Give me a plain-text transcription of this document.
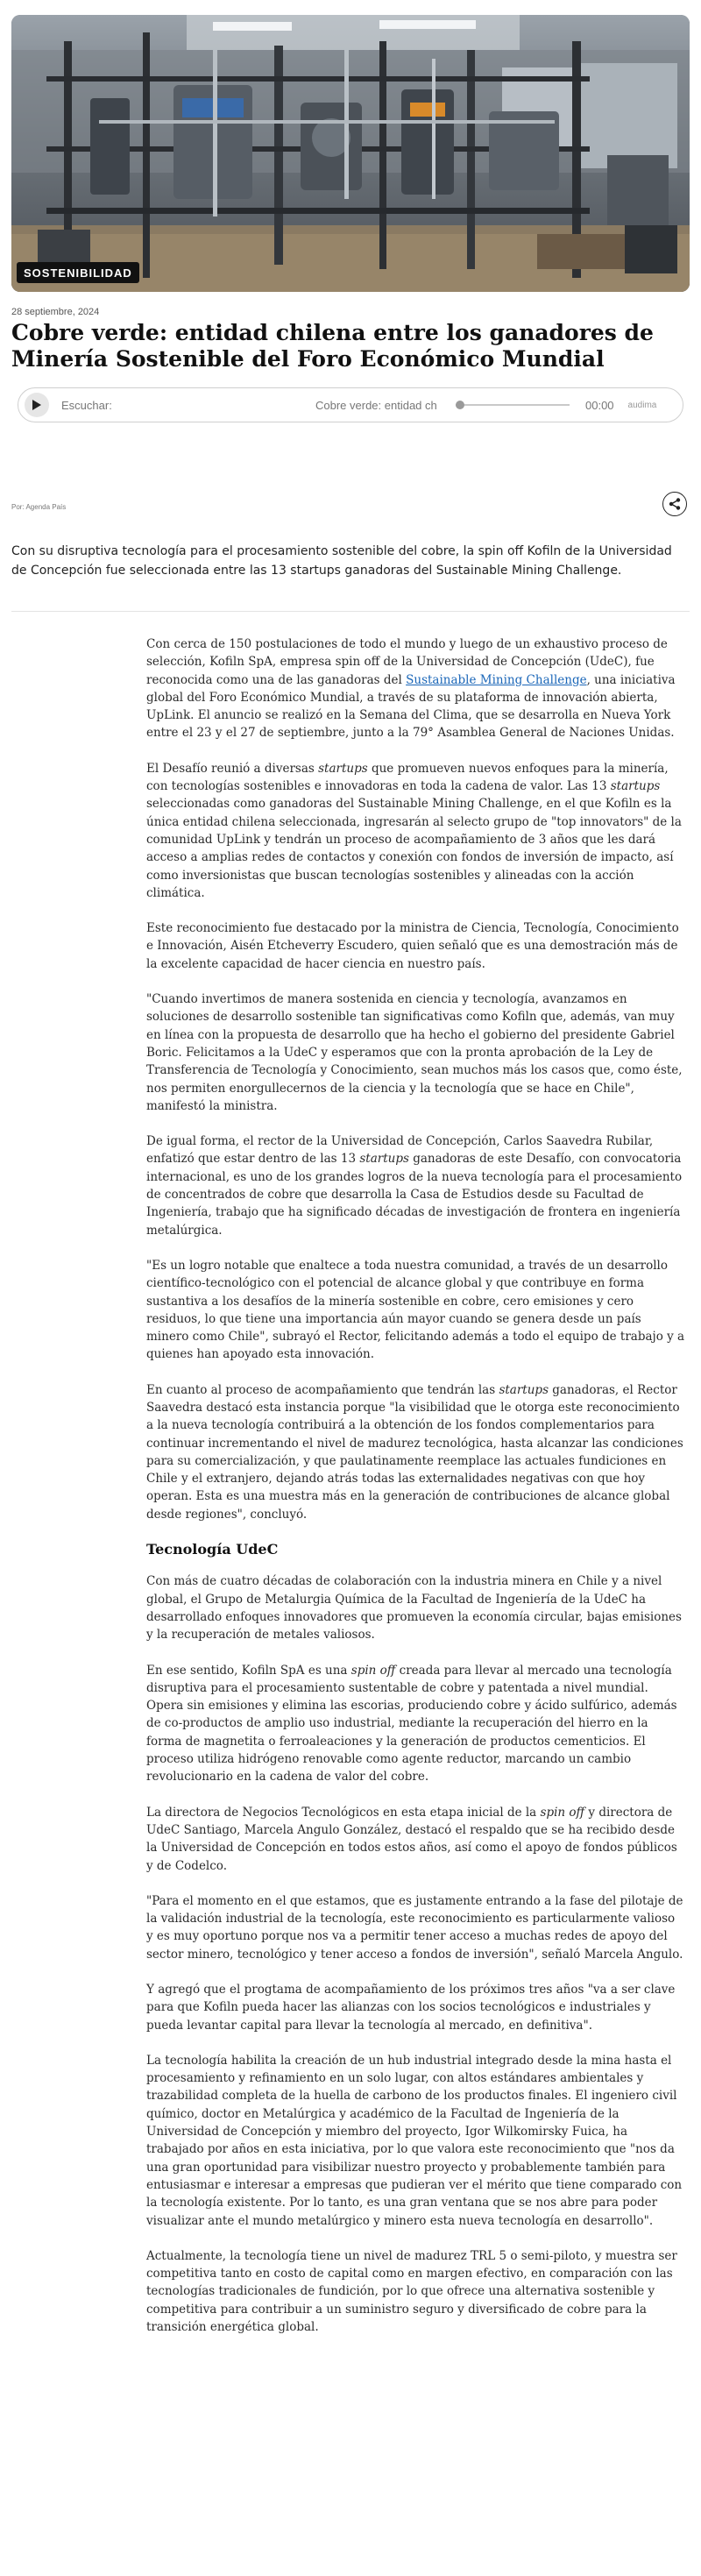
SOSTENIBILIDAD
28 septiembre, 2024
Cobre verde: entidad chilena entre los ganadores de Minería Sostenible del Foro Económico Mundial
Escuchar:	Cobre verde: entidad ch	00:00 audima
Por: Agenda País

Con su disruptiva tecnología para el procesamiento sostenible del cobre, la spin off Kofiln de la Universidad de Concepción fue seleccionada entre las 13 startups ganadoras del Sustainable Mining Challenge.

Con cerca de 150 postulaciones de todo el mundo y luego de un exhaustivo proceso de selección, Kofiln SpA, empresa spin off de la Universidad de Concepción (UdeC), fue reconocida como una de las ganadoras del Sustainable Mining Challenge, una iniciativa global del Foro Económico Mundial, a través de su plataforma de innovación abierta, UpLink. El anuncio se realizó en la Semana del Clima, que se desarrolla en Nueva York entre el 23 y el 27 de septiembre, junto a la 79° Asamblea General de Naciones Unidas.

El Desafío reunió a diversas startups que promueven nuevos enfoques para la minería, con tecnologías sostenibles e innovadoras en toda la cadena de valor. Las 13 startups seleccionadas como ganadoras del Sustainable Mining Challenge, en el que Kofiln es la única entidad chilena seleccionada, ingresarán al selecto grupo de "top innovators" de la comunidad UpLink y tendrán un proceso de acompañamiento de 3 años que les dará acceso a amplias redes de contactos y conexión con fondos de inversión de impacto, así como inversionistas que buscan tecnologías sostenibles y alineadas con la acción climática.

Este reconocimiento fue destacado por la ministra de Ciencia, Tecnología, Conocimiento e Innovación, Aisén Etcheverry Escudero, quien señaló que es una demostración más de la excelente capacidad de hacer ciencia en nuestro país.

"Cuando invertimos de manera sostenida en ciencia y tecnología, avanzamos en soluciones de desarrollo sostenible tan significativas como Kofiln que, además, van muy en línea con la propuesta de desarrollo que ha hecho el gobierno del presidente Gabriel Boric. Felicitamos a la UdeC y esperamos que con la pronta aprobación de la Ley de Transferencia de Tecnología y Conocimiento, sean muchos más los casos que, como éste, nos permiten enorgullecernos de la ciencia y la tecnología que se hace en Chile", manifestó la ministra.

De igual forma, el rector de la Universidad de Concepción, Carlos Saavedra Rubilar, enfatizó que estar dentro de las 13 startups ganadoras de este Desafío, con convocatoria internacional, es uno de los grandes logros de la nueva tecnología para el procesamiento de concentrados de cobre que desarrolla la Casa de Estudios desde su Facultad de Ingeniería, trabajo que ha significado décadas de investigación de frontera en ingeniería metalúrgica.

"Es un logro notable que enaltece a toda nuestra comunidad, a través de un desarrollo científico-tecnológico con el potencial de alcance global y que contribuye en forma sustantiva a los desafíos de la minería sostenible en cobre, cero emisiones y cero residuos, lo que tiene una importancia aún mayor cuando se genera desde un país minero como Chile", subrayó el Rector, felicitando además a todo el equipo de trabajo y a quienes han apoyado esta innovación.

En cuanto al proceso de acompañamiento que tendrán las startups ganadoras, el Rector Saavedra destacó esta instancia porque "la visibilidad que le otorga este reconocimiento a la nueva tecnología contribuirá a la obtención de los fondos complementarios para continuar incrementando el nivel de madurez tecnológica, hasta alcanzar las condiciones para su comercialización, y que paulatinamente reemplace las actuales fundiciones en Chile y el extranjero, dejando atrás todas las externalidades negativas con que hoy operan. Esta es una muestra más en la generación de contribuciones de alcance global desde regiones", concluyó.

Tecnología UdeC

Con más de cuatro décadas de colaboración con la industria minera en Chile y a nivel global, el Grupo de Metalurgia Química de la Facultad de Ingeniería de la UdeC ha desarrollado enfoques innovadores que promueven la economía circular, bajas emisiones y la recuperación de metales valiosos.

En ese sentido, Kofiln SpA es una spin off creada para llevar al mercado una tecnología disruptiva para el procesamiento sustentable de cobre y patentada a nivel mundial. Opera sin emisiones y elimina las escorias, produciendo cobre y ácido sulfúrico, además de co-productos de amplio uso industrial, mediante la recuperación del hierro en la forma de magnetita o ferroaleaciones y la generación de productos cementicios. El proceso utiliza hidrógeno renovable como agente reductor, marcando un cambio revolucionario en la cadena de valor del cobre.

La directora de Negocios Tecnológicos en esta etapa inicial de la spin off y directora de UdeC Santiago, Marcela Angulo González, destacó el respaldo que se ha recibido desde la Universidad de Concepción en todos estos años, así como el apoyo de fondos públicos y de Codelco.

"Para el momento en el que estamos, que es justamente entrando a la fase del pilotaje de la validación industrial de la tecnología, este reconocimiento es particularmente valioso y es muy oportuno porque nos va a permitir tener acceso a muchas redes de apoyo del sector minero, tecnológico y tener acceso a fondos de inversión", señaló Marcela Angulo.

Y agregó que el progtama de acompañamiento de los próximos tres años "va a ser clave para que Kofiln pueda hacer las alianzas con los socios tecnológicos e industriales y pueda levantar capital para llevar la tecnología al mercado, en definitiva".

La tecnología habilita la creación de un hub industrial integrado desde la mina hasta el procesamiento y refinamiento en un solo lugar, con altos estándares ambientales y trazabilidad completa de la huella de carbono de los productos finales. El ingeniero civil químico, doctor en Metalúrgica y académico de la Facultad de Ingeniería de la Universidad de Concepción y miembro del proyecto, Igor Wilkomirsky Fuica, ha trabajado por años en esta iniciativa, por lo que valora este reconocimiento que "nos da una gran oportunidad para visibilizar nuestro proyecto y probablemente también para entusiasmar e interesar a empresas que pudieran ver el mérito que tiene comparado con la tecnología existente. Por lo tanto, es una gran ventana que se nos abre para poder visualizar ante el mundo metalúrgico y minero esta nueva tecnología en desarrollo".

Actualmente, la tecnología tiene un nivel de madurez TRL 5 o semi-piloto, y muestra ser competitiva tanto en costo de capital como en margen efectivo, en comparación con las tecnologías tradicionales de fundición, por lo que ofrece una alternativa sostenible y competitiva para contribuir a un suministro seguro y diversificado de cobre para la transición energética global.
